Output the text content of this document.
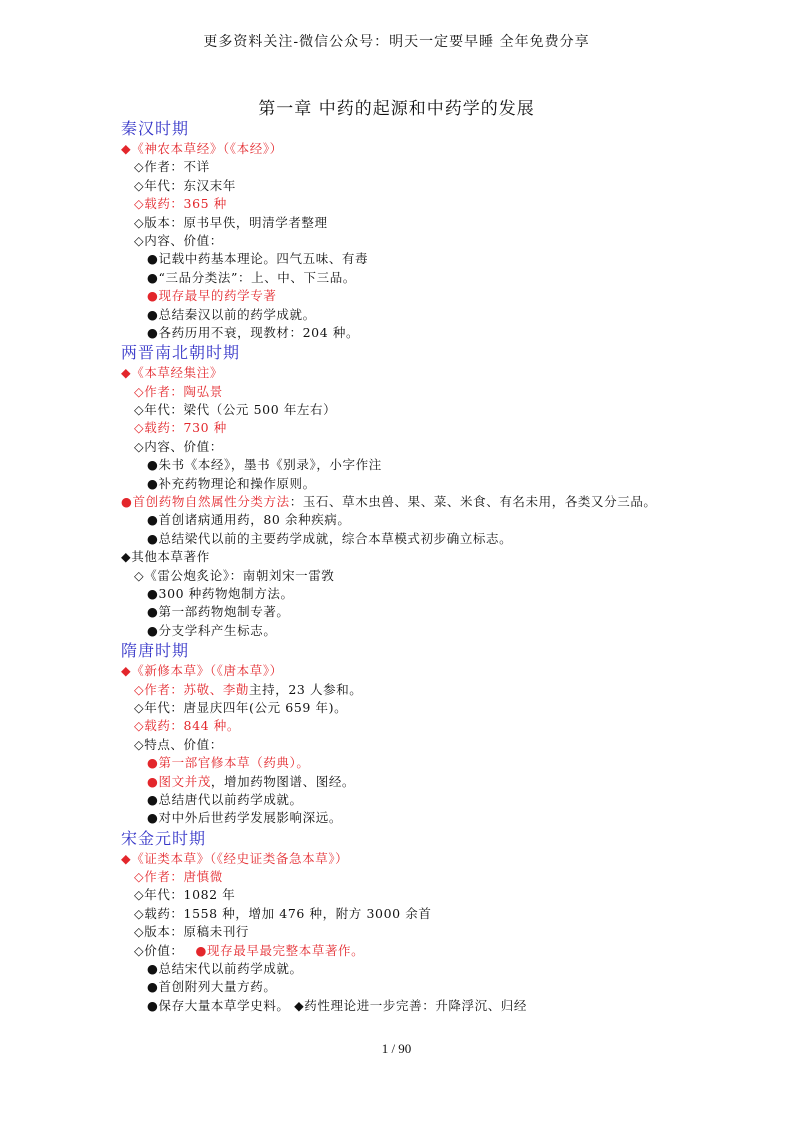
更多资料关注-微信公众号：明天一定要早睡 全年免费分享
第一章 中药的起源和中药学的发展
秦汉时期
◆《神农本草经》（《本经》）
◇作者：不详
◇年代：东汉末年
◇载药：365 种
◇版本：原书早佚，明清学者整理
◇内容、价值：
●记载中药基本理论。四气五味、有毒
●“三品分类法”：上、中、下三品。
●现存最早的药学专著
●总结秦汉以前的药学成就。
●各药历用不衰，现教材：204 种。
两晋南北朝时期
◆《本草经集注》
◇作者：陶弘景
◇年代：梁代（公元 500 年左右）
◇载药：730 种
◇内容、价值：
●朱书《本经》，墨书《别录》，小字作注
●补充药物理论和操作原则。
●首创药物自然属性分类方法：玉石、草木虫兽、果、菜、米食、有名未用，各类又分三品。
●首创诸病通用药，80 余种疾病。
●总结梁代以前的主要药学成就，综合本草模式初步确立标志。
◆其他本草著作
◇《雷公炮炙论》：南朝刘宋一雷敩
●300 种药物炮制方法。
●第一部药物炮制专著。
●分支学科产生标志。
隋唐时期
◆《新修本草》（《唐本草》）
◇作者：苏敬、李勣主持，23 人参和。
◇年代：唐显庆四年(公元 659 年)。
◇载药：844 种。
◇特点、价值：
●第一部官修本草（药典）。
●图文并茂，增加药物图谱、图经。
●总结唐代以前药学成就。
●对中外后世药学发展影响深远。
宋金元时期
◆《证类本草》（《经史证类备急本草》）
◇作者：唐慎微
◇年代：1082 年
◇载药：1558 种，增加 476 种，附方 3000 余首
◇版本：原稿未刊行
◇价值： ●现存最早最完整本草著作。
●总结宋代以前药学成就。
●首创附列大量方药。
●保存大量本草学史料。 ◆药性理论进一步完善：升降浮沉、归经
1 / 90
